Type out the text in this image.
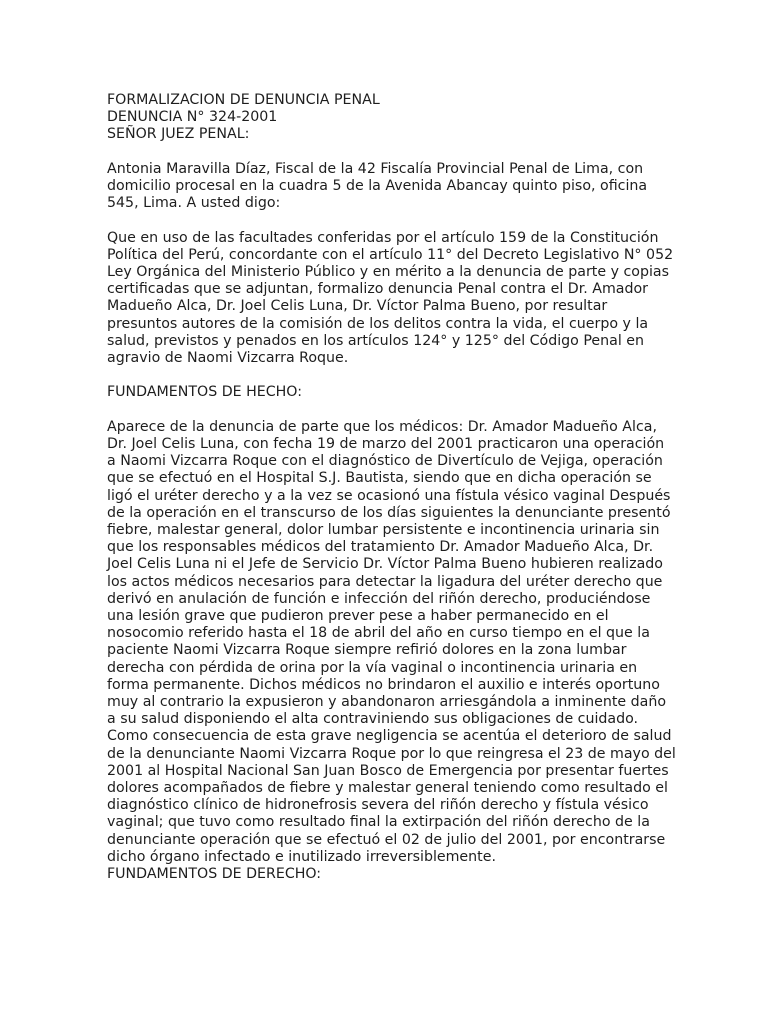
FORMALIZACION DE DENUNCIA PENAL
DENUNCIA N° 324-2001
SEÑOR JUEZ PENAL:
Antonia Maravilla Díaz, Fiscal de la 42 Fiscalía Provincial Penal de Lima, con
domicilio procesal en la cuadra 5 de la Avenida Abancay quinto piso, oficina
545, Lima. A usted digo:
Que en uso de las facultades conferidas por el artículo 159 de la Constitución
Política del Perú, concordante con el artículo 11° del Decreto Legislativo N° 052
Ley Orgánica del Ministerio Público y en mérito a la denuncia de parte y copias
certificadas que se adjuntan, formalizo denuncia Penal contra el Dr. Amador
Madueño Alca, Dr. Joel Celis Luna, Dr. Víctor Palma Bueno, por resultar
presuntos autores de la comisión de los delitos contra la vida, el cuerpo y la
salud, previstos y penados en los artículos 124° y 125° del Código Penal en
agravio de Naomi Vizcarra Roque.
FUNDAMENTOS DE HECHO:
Aparece de la denuncia de parte que los médicos: Dr. Amador Madueño Alca,
Dr. Joel Celis Luna, con fecha 19 de marzo del 2001 practicaron una operación
a Naomi Vizcarra Roque con el diagnóstico de Divertículo de Vejiga, operación
que se efectuó en el Hospital S.J. Bautista, siendo que en dicha operación se
ligó el uréter derecho y a la vez se ocasionó una fístula vésico vaginal Después
de la operación en el transcurso de los días siguientes la denunciante presentó
fiebre, malestar general, dolor lumbar persistente e incontinencia urinaria sin
que los responsables médicos del tratamiento Dr. Amador Madueño Alca, Dr.
Joel Celis Luna ni el Jefe de Servicio Dr. Víctor Palma Bueno hubieren realizado
los actos médicos necesarios para detectar la ligadura del uréter derecho que
derivó en anulación de función e infección del riñón derecho, produciéndose
una lesión grave que pudieron prever pese a haber permanecido en el
nosocomio referido hasta el 18 de abril del año en curso tiempo en el que la
paciente Naomi Vizcarra Roque siempre refirió dolores en la zona lumbar
derecha con pérdida de orina por la vía vaginal o incontinencia urinaria en
forma permanente. Dichos médicos no brindaron el auxilio e interés oportuno
muy al contrario la expusieron y abandonaron arriesgándola a inminente daño
a su salud disponiendo el alta contraviniendo sus obligaciones de cuidado.
Como consecuencia de esta grave negligencia se acentúa el deterioro de salud
de la denunciante Naomi Vizcarra Roque por lo que reingresa el 23 de mayo del
2001 al Hospital Nacional San Juan Bosco de Emergencia por presentar fuertes
dolores acompañados de fiebre y malestar general teniendo como resultado el
diagnóstico clínico de hidronefrosis severa del riñón derecho y fístula vésico
vaginal; que tuvo como resultado final la extirpación del riñón derecho de la
denunciante operación que se efectuó el 02 de julio del 2001, por encontrarse
dicho órgano infectado e inutilizado irreversiblemente.
FUNDAMENTOS DE DERECHO:
